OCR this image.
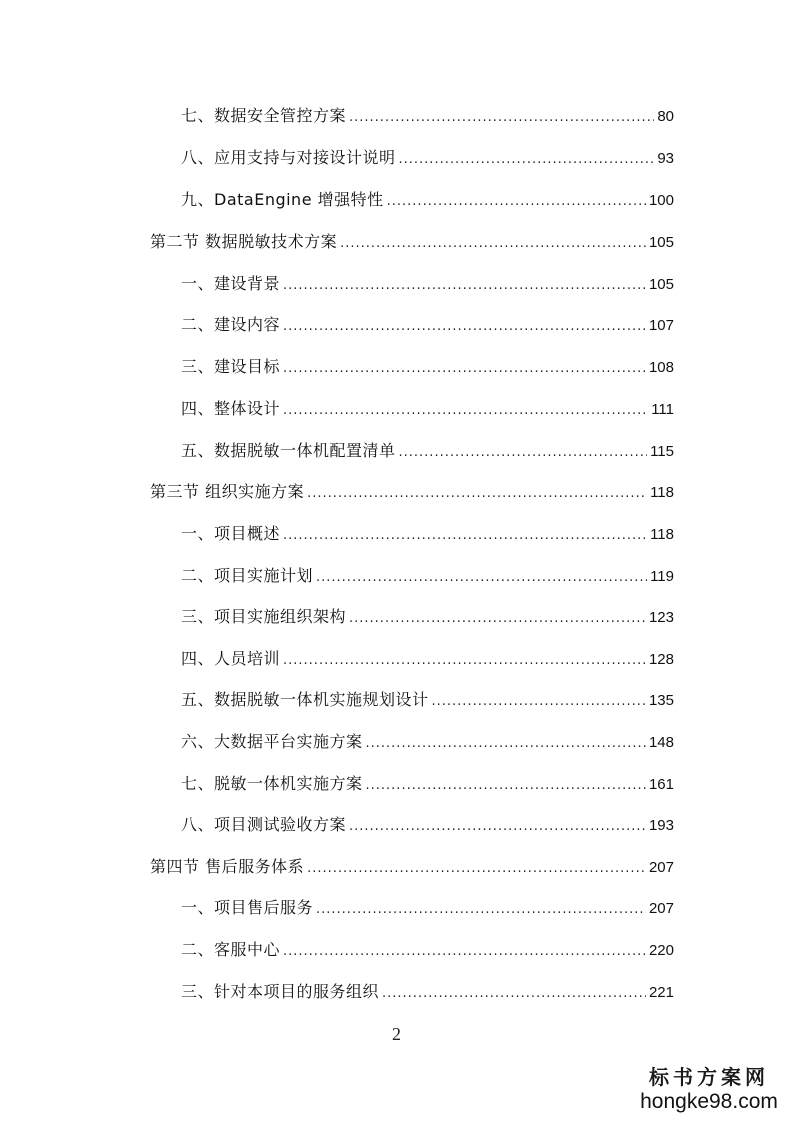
七、数据安全管控方案 .....	80
八、应用支持与对接设计说明 .....	93
九、DataEngine 增强特性 .....	100
第二节 数据脱敏技术方案 .....	105
一、建设背景 .....	105
二、建设内容 .....	107
三、建设目标 .....	108
四、整体设计 .....	111
五、数据脱敏一体机配置清单 .....	115
第三节 组织实施方案 .....	118
一、项目概述 .....	118
二、项目实施计划 .....	119
三、项目实施组织架构 .....	123
四、人员培训 .....	128
五、数据脱敏一体机实施规划设计 .....	135
六、大数据平台实施方案 .....	148
七、脱敏一体机实施方案 .....	161
八、项目测试验收方案 .....	193
第四节 售后服务体系 .....	207
一、项目售后服务 .....	207
二、客服中心 .....	220
三、针对本项目的服务组织 .....	221
2
标书方案网
hongke98.com
